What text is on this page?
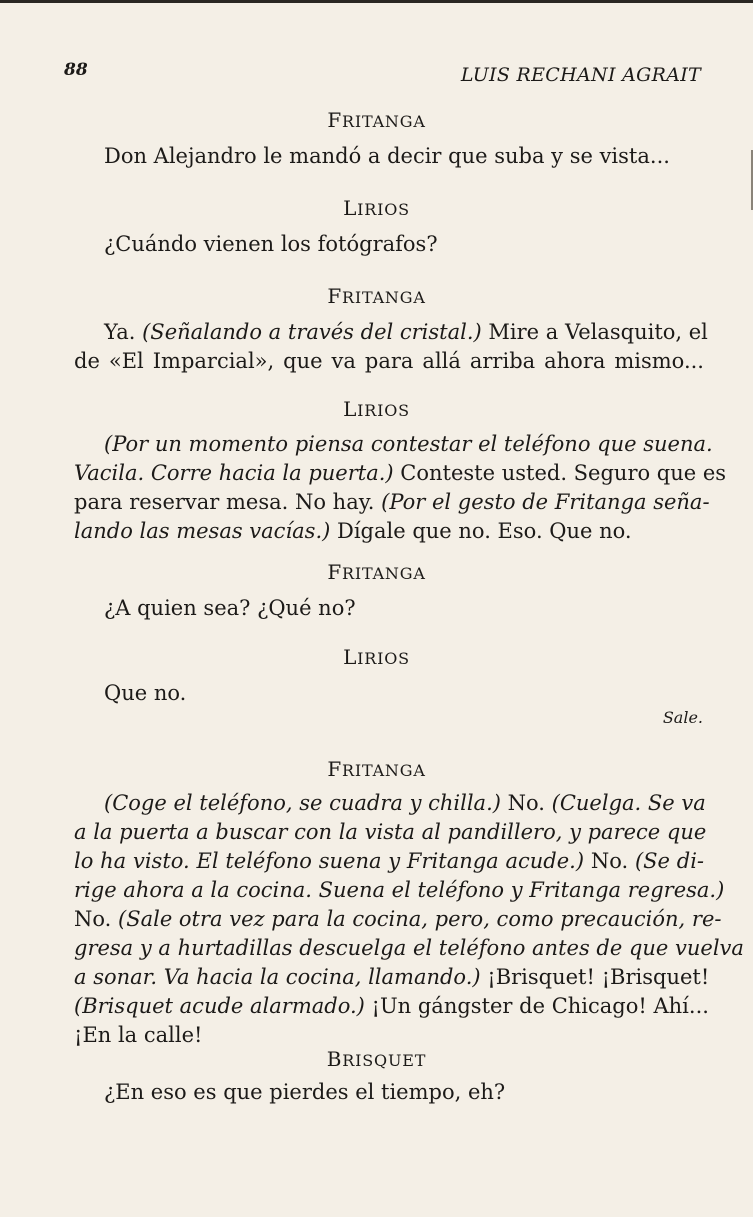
88	LUIS RECHANI AGRAIT
FRITANGA
Don Alejandro le mandó a decir que suba y se vista...
LIRIOS
¿Cuándo vienen los fotógrafos?
FRITANGA
Ya. (Señalando a través del cristal.) Mire a Velasquito, el
de «El Imparcial», que va para allá arriba ahora mismo...
LIRIOS
(Por un momento piensa contestar el teléfono que suena.
Vacila. Corre hacia la puerta.) Conteste usted. Seguro que es
para reservar mesa. No hay. (Por el gesto de Fritanga seña-
lando las mesas vacías.) Dígale que no. Eso. Que no.
FRITANGA
¿A quien sea? ¿Qué no?
LIRIOS
Que no.
Sale.
FRITANGA
(Coge el teléfono, se cuadra y chilla.) No. (Cuelga. Se va
a la puerta a buscar con la vista al pandillero, y parece que
lo ha visto. El teléfono suena y Fritanga acude.) No. (Se di-
rige ahora a la cocina. Suena el teléfono y Fritanga regresa.)
No. (Sale otra vez para la cocina, pero, como precaución, re-
gresa y a hurtadillas descuelga el teléfono antes de que vuelva
a sonar. Va hacia la cocina, llamando.) ¡Brisquet! ¡Brisquet!
(Brisquet acude alarmado.) ¡Un gángster de Chicago! Ahí...
¡En la calle!
BRISQUET
¿En eso es que pierdes el tiempo, eh?
